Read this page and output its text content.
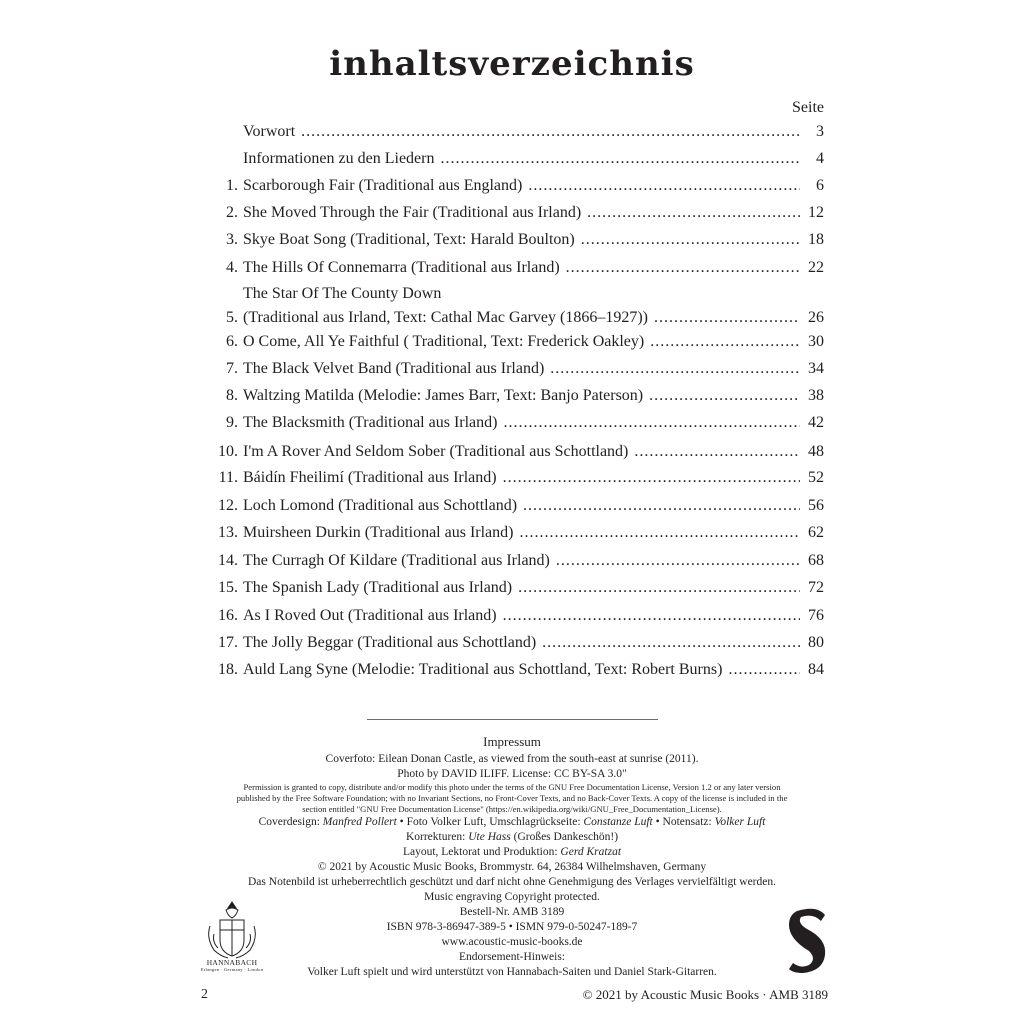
inhaltsverzeichnis
Seite
Vorwort .....	3
Informationen zu den Liedern .....	4
1. Scarborough Fair (Traditional aus England) .....	6
2. She Moved Through the Fair (Traditional aus Irland) .....	12
3. Skye Boat Song (Traditional, Text: Harald Boulton) .....	18
4. The Hills Of Connemarra (Traditional aus Irland) .....	22
5.
The Star Of The County Down
(Traditional aus Irland, Text: Cathal Mac Garvey (1866–1927)) .....	26
6. O Come, All Ye Faithful ( Traditional, Text: Frederick Oakley) .....	30
7. The Black Velvet Band (Traditional aus Irland) .....	34
8. Waltzing Matilda (Melodie: James Barr, Text: Banjo Paterson) .....	38
9. The Blacksmith (Traditional aus Irland) .....	42
10. I'm A Rover And Seldom Sober (Traditional aus Schottland) .....	48
11. Báidín Fheilimí (Traditional aus Irland) .....	52
12. Loch Lomond (Traditional aus Schottland) .....	56
13. Muirsheen Durkin (Traditional aus Irland) .....	62
14. The Curragh Of Kildare (Traditional aus Irland) .....	68
15. The Spanish Lady (Traditional aus Irland) .....	72
16. As I Roved Out (Traditional aus Irland) .....	76
17. The Jolly Beggar (Traditional aus Schottland) .....	80
18. Auld Lang Syne (Melodie: Traditional aus Schottland, Text: Robert Burns) .....	84
Impressum
Coverfoto: Eilean Donan Castle, as viewed from the south-east at sunrise (2011).
Photo by DAVID ILIFF. License: CC BY-SA 3.0"
Permission is granted to copy, distribute and/or modify this photo under the terms of the GNU Free Documentation License, Version 1.2 or any later version
published by the Free Software Foundation; with no Invariant Sections, no Front-Cover Texts, and no Back-Cover Texts. A copy of the license is included in the
section entitled "GNU Free Documentation License" (https://en.wikipedia.org/wiki/GNU_Free_Documentation_License).
Coverdesign: Manfred Pollert • Foto Volker Luft, Umschlagrückseite: Constanze Luft • Notensatz: Volker Luft
Korrekturen: Ute Hass (Großes Dankeschön!)
Layout, Lektorat und Produktion: Gerd Kratzat
© 2021 by Acoustic Music Books, Brommystr. 64, 26384 Wilhelmshaven, Germany
Das Notenbild ist urheberrechtlich geschützt und darf nicht ohne Genehmigung des Verlages vervielfältigt werden.
Music engraving Copyright protected.
Bestell-Nr. AMB 3189
ISBN 978-3-86947-389-5 • ISMN 979-0-50247-189-7
www.acoustic-music-books.de
Endorsement-Hinweis:
Volker Luft spielt und wird unterstützt von Hannabach-Saiten und Daniel Stark-Gitarren.
HANNABACH
Erlangen · Germany · London
2	© 2021 by Acoustic Music Books · AMB 3189
